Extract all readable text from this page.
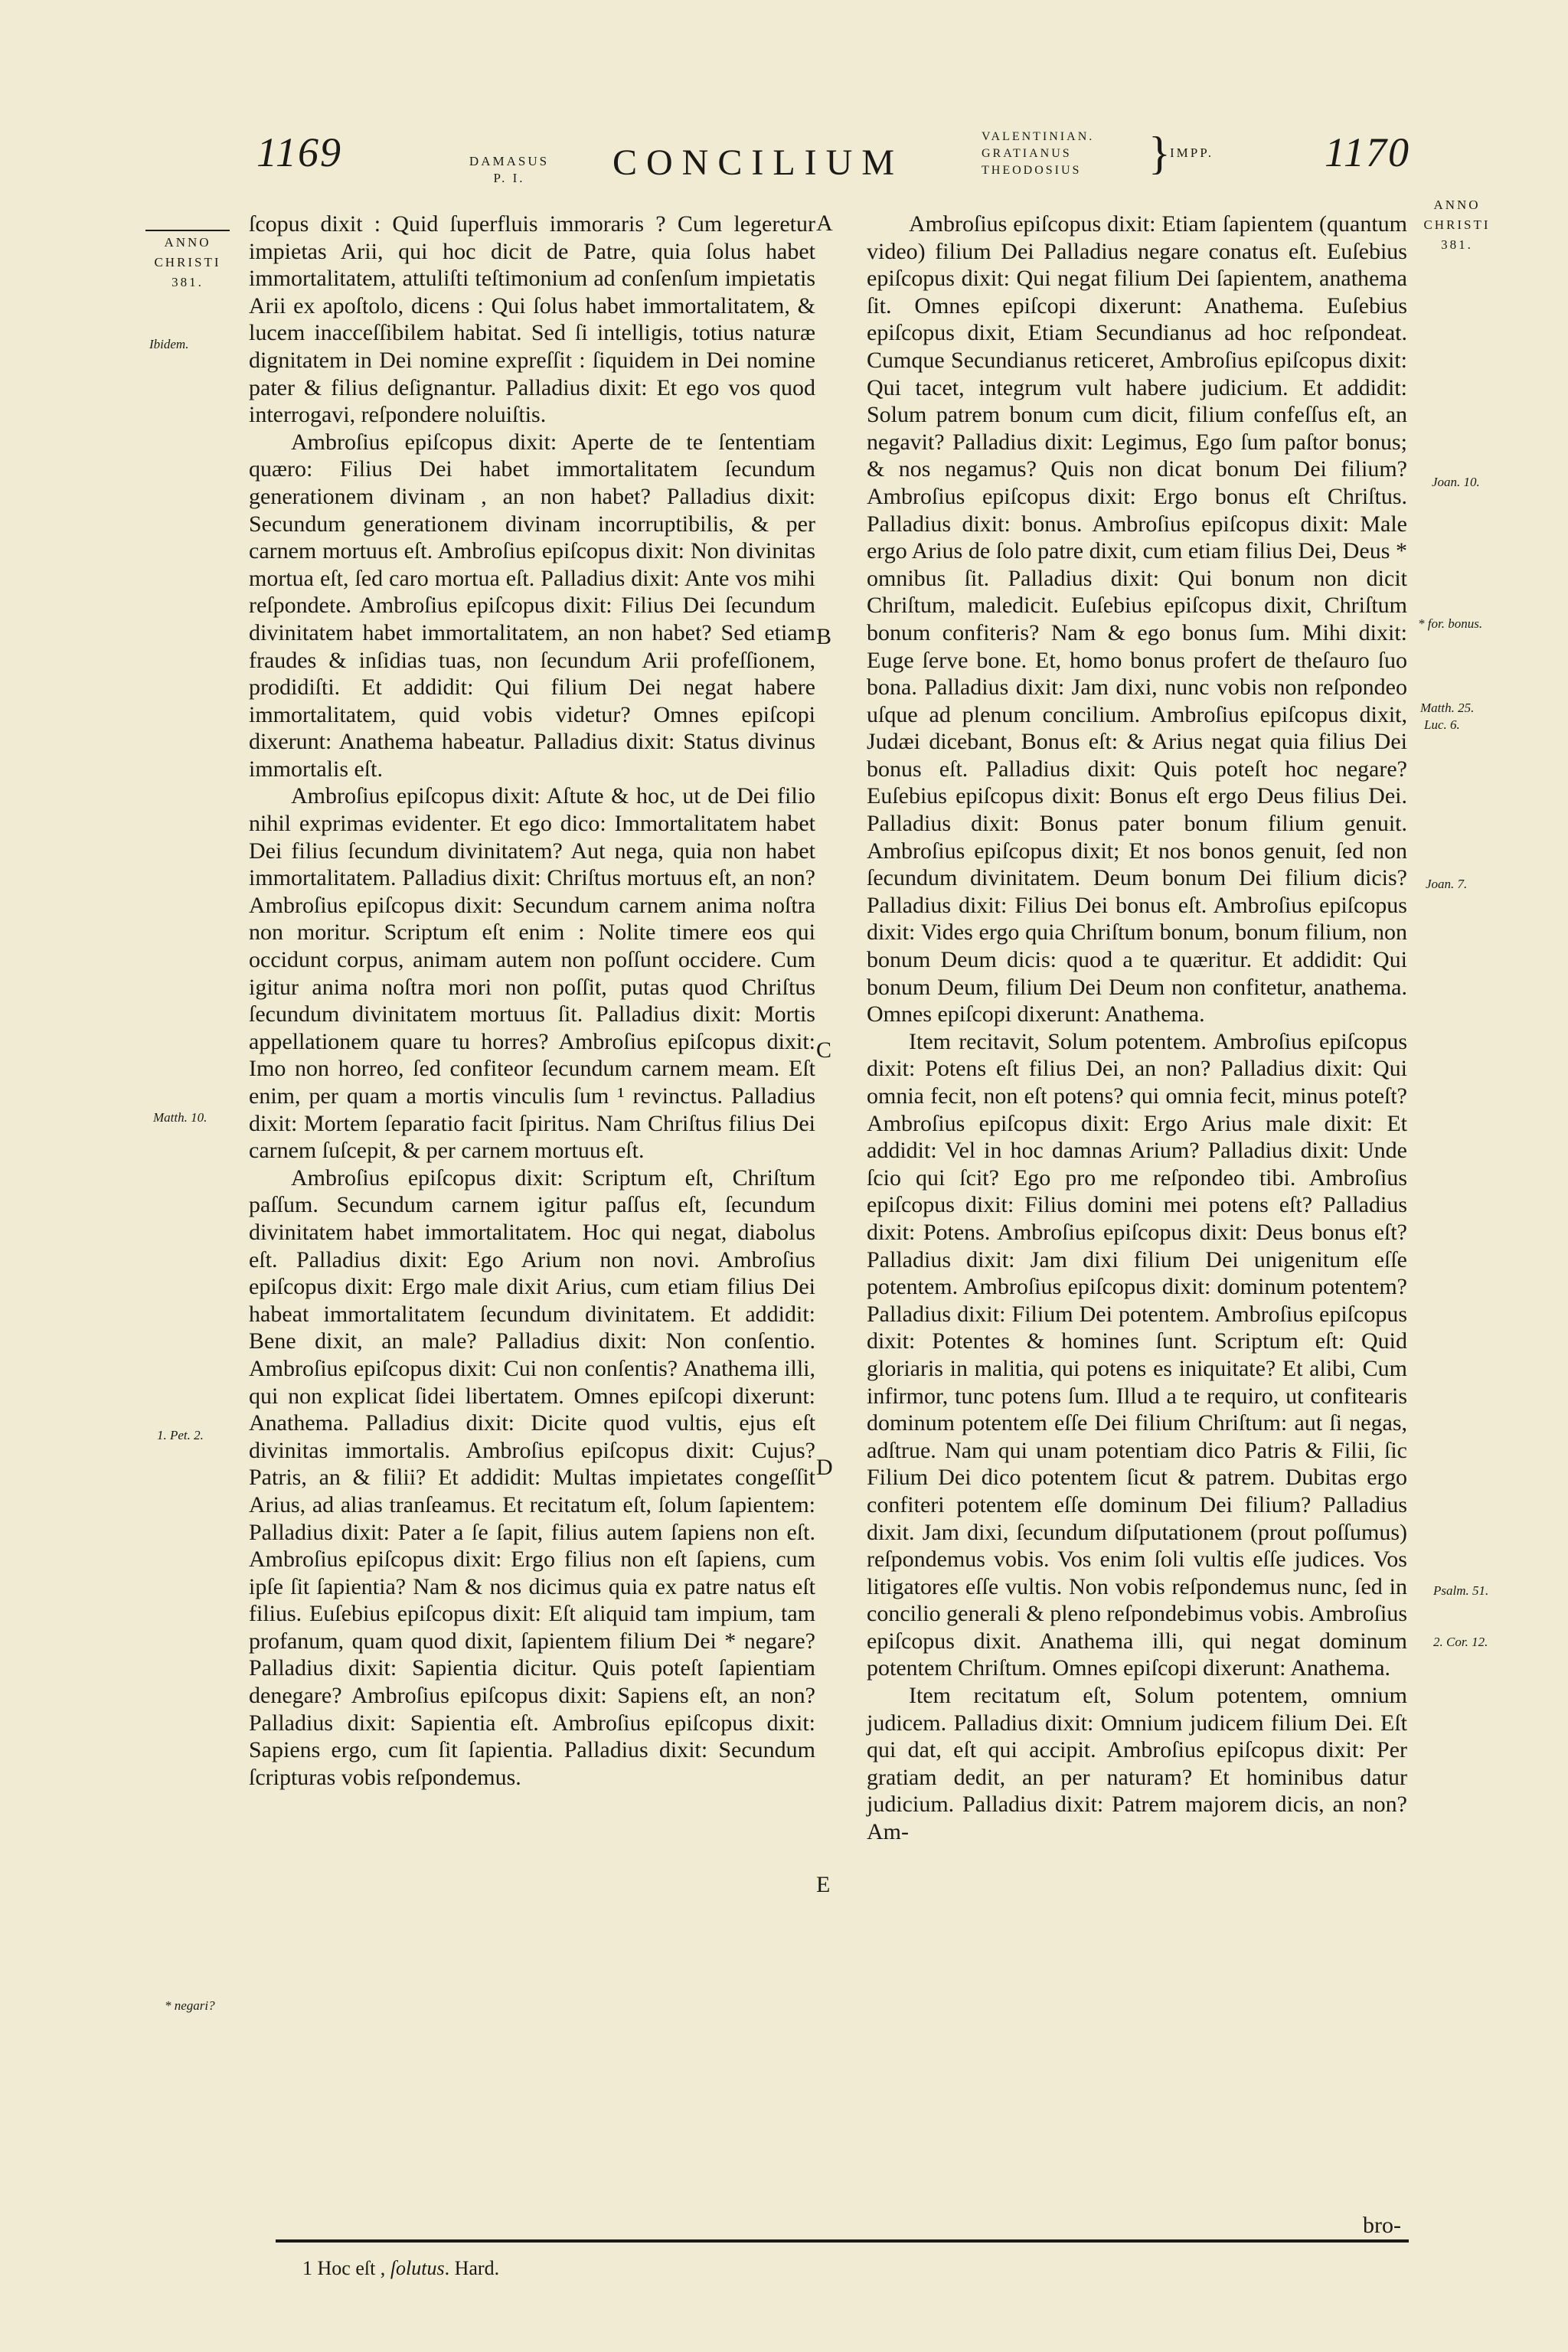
1169	DAMASUS
P. I.	CONCILIUM
VALENTINIAN.
GRATIANUS
THEODOSIUS	} IMPP.	1170
ANNO
CHRISTI
381.
Ibidem.
Matth. 10.
1. Pet. 2.
* negari?
A
B
C
D
E
ANNO
CHRISTI
381.
Joan. 10.
* for. bonus.
Matth. 25.
Luc. 6.
Joan. 7.
Psalm. 51.
2. Cor. 12.

ſcopus dixit : Quid ſuperfluis immoraris ? Cum legeretur impietas Arii, qui hoc dicit de Patre, quia ſolus habet immortalitatem, attuliſti teſtimonium ad conſenſum impietatis Arii ex apoſtolo, dicens : Qui ſolus habet immortalitatem, & lucem inacceſſibilem habitat. Sed ſi intelligis, totius naturæ dignitatem in Dei nomine expreſſit : ſiquidem in Dei nomine pater & filius deſignantur. Palladius dixit: Et ego vos quod interrogavi, reſpondere noluiſtis.

Ambroſius epiſcopus dixit: Aperte de te ſententiam quæro: Filius Dei habet immortalitatem ſecundum generationem divinam , an non habet? Palladius dixit: Secundum generationem divinam incorruptibilis, & per carnem mortuus eſt. Ambroſius epiſcopus dixit: Non divinitas mortua eſt, ſed caro mortua eſt. Palladius dixit: Ante vos mihi reſpondete. Ambroſius epiſcopus dixit: Filius Dei ſecundum divinitatem habet immortalitatem, an non habet? Sed etiam fraudes & inſidias tuas, non ſecundum Arii profeſſionem, prodidiſti. Et addidit: Qui filium Dei negat habere immortalitatem, quid vobis videtur? Omnes epiſcopi dixerunt: Anathema habeatur. Palladius dixit: Status divinus immortalis eſt.

Ambroſius epiſcopus dixit: Aſtute & hoc, ut de Dei filio nihil exprimas evidenter. Et ego dico: Immortalitatem habet Dei filius ſecundum divinitatem? Aut nega, quia non habet immortalitatem. Palladius dixit: Chriſtus mortuus eſt, an non? Ambroſius epiſcopus dixit: Secundum carnem anima noſtra non moritur. Scriptum eſt enim : Nolite timere eos qui occidunt corpus, animam autem non poſſunt occidere. Cum igitur anima noſtra mori non poſſit, putas quod Chriſtus ſecundum divinitatem mortuus ſit. Palladius dixit: Mortis appellationem quare tu horres? Ambroſius epiſcopus dixit: Imo non horreo, ſed confiteor ſecundum carnem meam. Eſt enim, per quam a mortis vinculis ſum ¹ revinctus. Palladius dixit: Mortem ſeparatio facit ſpiritus. Nam Chriſtus filius Dei carnem ſuſcepit, & per carnem mortuus eſt.

Ambroſius epiſcopus dixit: Scriptum eſt, Chriſtum paſſum. Secundum carnem igitur paſſus eſt, ſecundum divinitatem habet immortalitatem. Hoc qui negat, diabolus eſt. Palladius dixit: Ego Arium non novi. Ambroſius epiſcopus dixit: Ergo male dixit Arius, cum etiam filius Dei habeat immortalitatem ſecundum divinitatem. Et addidit: Bene dixit, an male? Palladius dixit: Non conſentio. Ambroſius epiſcopus dixit: Cui non conſentis? Anathema illi, qui non explicat ſidei libertatem. Omnes epiſcopi dixerunt: Anathema. Palladius dixit: Dicite quod vultis, ejus eſt divinitas immortalis. Ambroſius epiſcopus dixit: Cujus? Patris, an & filii? Et addidit: Multas impietates congeſſit Arius, ad alias tranſeamus. Et recitatum eſt, ſolum ſapientem: Palladius dixit: Pater a ſe ſapit, filius autem ſapiens non eſt. Ambroſius epiſcopus dixit: Ergo filius non eſt ſapiens, cum ipſe ſit ſapientia? Nam & nos dicimus quia ex patre natus eſt filius. Euſebius epiſcopus dixit: Eſt aliquid tam impium, tam profanum, quam quod dixit, ſapientem filium Dei * negare? Palladius dixit: Sapientia dicitur. Quis poteſt ſapientiam denegare? Ambroſius epiſcopus dixit: Sapiens eſt, an non? Palladius dixit: Sapientia eſt. Ambroſius epiſcopus dixit: Sapiens ergo, cum ſit ſapientia. Palladius dixit: Secundum ſcripturas vobis reſpondemus.

Ambroſius epiſcopus dixit: Etiam ſapientem (quantum video) filium Dei Palladius negare conatus eſt. Euſebius epiſcopus dixit: Qui negat filium Dei ſapientem, anathema ſit. Omnes epiſcopi dixerunt: Anathema. Euſebius epiſcopus dixit, Etiam Secundianus ad hoc reſpondeat. Cumque Secundianus reticeret, Ambroſius epiſcopus dixit: Qui tacet, integrum vult habere judicium. Et addidit: Solum patrem bonum cum dicit, filium confeſſus eſt, an negavit? Palladius dixit: Legimus, Ego ſum paſtor bonus; & nos negamus? Quis non dicat bonum Dei filium? Ambroſius epiſcopus dixit: Ergo bonus eſt Chriſtus. Palladius dixit: bonus. Ambroſius epiſcopus dixit: Male ergo Arius de ſolo patre dixit, cum etiam filius Dei, Deus * omnibus ſit. Palladius dixit: Qui bonum non dicit Chriſtum, maledicit. Euſebius epiſcopus dixit, Chriſtum bonum confiteris? Nam & ego bonus ſum. Mihi dixit: Euge ſerve bone. Et, homo bonus profert de theſauro ſuo bona. Palladius dixit: Jam dixi, nunc vobis non reſpondeo uſque ad plenum concilium. Ambroſius epiſcopus dixit, Judæi dicebant, Bonus eſt: & Arius negat quia filius Dei bonus eſt. Palladius dixit: Quis poteſt hoc negare? Euſebius epiſcopus dixit: Bonus eſt ergo Deus filius Dei. Palladius dixit: Bonus pater bonum filium genuit. Ambroſius epiſcopus dixit; Et nos bonos genuit, ſed non ſecundum divinitatem. Deum bonum Dei filium dicis? Palladius dixit: Filius Dei bonus eſt. Ambroſius epiſcopus dixit: Vides ergo quia Chriſtum bonum, bonum filium, non bonum Deum dicis: quod a te quæritur. Et addidit: Qui bonum Deum, filium Dei Deum non confitetur, anathema. Omnes epiſcopi dixerunt: Anathema.

Item recitavit, Solum potentem. Ambroſius epiſcopus dixit: Potens eſt filius Dei, an non? Palladius dixit: Qui omnia fecit, non eſt potens? qui omnia fecit, minus poteſt? Ambroſius epiſcopus dixit: Ergo Arius male dixit: Et addidit: Vel in hoc damnas Arium? Palladius dixit: Unde ſcio qui ſcit? Ego pro me reſpondeo tibi. Ambroſius epiſcopus dixit: Filius domini mei potens eſt? Palladius dixit: Potens. Ambroſius epiſcopus dixit: Deus bonus eſt? Palladius dixit: Jam dixi filium Dei unigenitum eſſe potentem. Ambroſius epiſcopus dixit: dominum potentem? Palladius dixit: Filium Dei potentem. Ambroſius epiſcopus dixit: Potentes & homines ſunt. Scriptum eſt: Quid gloriaris in malitia, qui potens es iniquitate? Et alibi, Cum infirmor, tunc potens ſum. Illud a te requiro, ut confitearis dominum potentem eſſe Dei filium Chriſtum: aut ſi negas, adſtrue. Nam qui unam potentiam dico Patris & Filii, ſic Filium Dei dico potentem ſicut & patrem. Dubitas ergo confiteri potentem eſſe dominum Dei filium? Palladius dixit. Jam dixi, ſecundum diſputationem (prout poſſumus) reſpondemus vobis. Vos enim ſoli vultis eſſe judices. Vos litigatores eſſe vultis. Non vobis reſpondemus nunc, ſed in concilio generali & pleno reſpondebimus vobis. Ambroſius epiſcopus dixit. Anathema illi, qui negat dominum potentem Chriſtum. Omnes epiſcopi dixerunt: Anathema.

Item recitatum eſt, Solum potentem, omnium judicem. Palladius dixit: Omnium judicem filium Dei. Eſt qui dat, eſt qui accipit. Ambroſius epiſcopus dixit: Per gratiam dedit, an per naturam? Et hominibus datur judicium. Palladius dixit: Patrem majorem dicis, an non? Am-

bro-
1 Hoc eſt , ſolutus. Hard.
